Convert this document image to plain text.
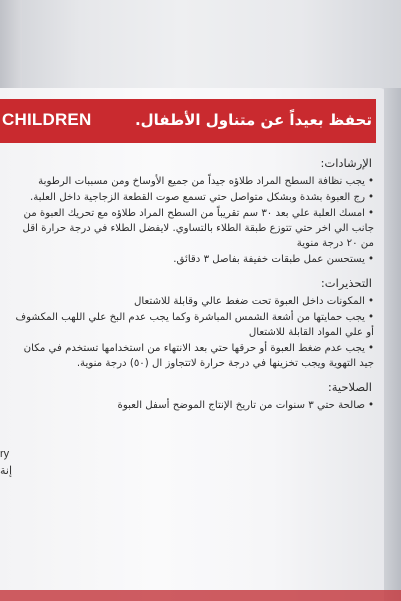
CHILDREN	تحفظ بعيداً عن متناول الأطفال.
ry
إنة
الإرشادات:
•يجب نظافة السطح المراد طلاؤه جيداً من جميع الأوساخ ومن مسببات الرطوبة
•رج العبوة بشدة وبشكل متواصل حتي تسمع صوت القطعة الزجاجية داخل العلبة.
•امسك العلبة علي بعد ٣٠ سم تقريباً من السطح المراد طلاؤه مع تحريك العبوة من جانب الي اخر حتي تتوزع طبقة الطلاء بالتساوي. لايفضل الطلاء في درجة حرارة اقل من ٢٠ درجة منوية
•يستحسن عمل طبقات خفيفة بفاصل ٣ دقائق.
التحذيرات:
•المكونات داخل العبوة تحت ضغط عالي وقابلة للاشتعال
•يجب حمايتها من أشعة الشمس المباشرة وكما يجب عدم البخ علي اللهب المكشوف أو علي المواد القابلة للاشتعال
•يجب عدم ضغط العبوة أو حرقها حتي بعد الانتهاء من استخدامها تستخدم في مكان جيد التهوية ويجب تخزينها في درجة حرارة لاتتجاوز ال (٥٠) درجة منوية.
الصلاحية:
•صالحة حتي ٣ سنوات من تاريخ الإنتاج الموضح أسفل العبوة
